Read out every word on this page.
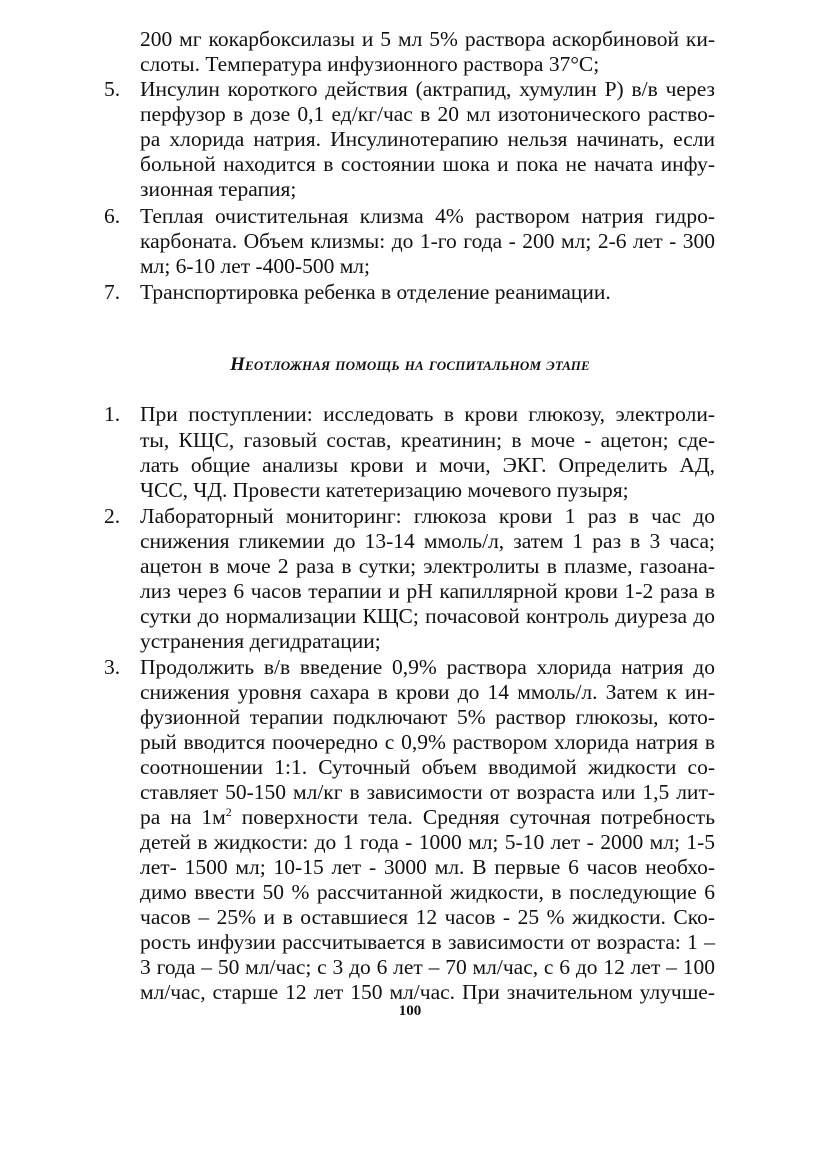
200 мг кокарбоксилазы и 5 мл 5% раствора аскорбиновой ки-
слоты. Температура инфузионного раствора 37°С;
5. Инсулин короткого действия (актрапид, хумулин Р) в/в через
перфузор в дозе 0,1 ед/кг/час в 20 мл изотонического раство-
ра хлорида натрия. Инсулинотерапию нельзя начинать, если
больной находится в состоянии шока и пока не начата инфу-
зионная терапия;
6. Теплая очистительная клизма 4% раствором натрия гидро-
карбоната. Объем клизмы: до 1-го года - 200 мл; 2-6 лет - 300
мл; 6-10 лет -400-500 мл;
7. Транспортировка ребенка в отделение реанимации.
Неотложная помощь на госпитальном этапе
1. При поступлении: исследовать в крови глюкозу, электроли-
ты, КЩС, газовый состав, креатинин; в моче - ацетон; сде-
лать общие анализы крови и мочи, ЭКГ. Определить АД,
ЧСС, ЧД. Провести катетеризацию мочевого пузыря;
2. Лабораторный мониторинг: глюкоза крови 1 раз в час до
снижения гликемии до 13-14 ммоль/л, затем 1 раз в 3 часа;
ацетон в моче 2 раза в сутки; электролиты в плазме, газоана-
лиз через 6 часов терапии и pH капиллярной крови 1-2 раза в
сутки до нормализации КЩС; почасовой контроль диуреза до
устранения дегидратации;
3. Продолжить в/в введение 0,9% раствора хлорида натрия до
снижения уровня сахара в крови до 14 ммоль/л. Затем к ин-
фузионной терапии подключают 5% раствор глюкозы, кото-
рый вводится поочередно с 0,9% раствором хлорида натрия в
соотношении 1:1. Суточный объем вводимой жидкости со-
ставляет 50-150 мл/кг в зависимости от возраста или 1,5 лит-
ра на $1м^2$ поверхности тела. Средняя суточная потребность
детей в жидкости: до 1 года - 1000 мл; 5-10 лет - 2000 мл; 1-5
лет- 1500 мл; 10-15 лет - 3000 мл. В первые 6 часов необхо-
димо ввести 50 % рассчитанной жидкости, в последующие 6
часов – 25% и в оставшиеся 12 часов - 25 % жидкости. Ско-
рость инфузии рассчитывается в зависимости от возраста: 1 –
3 года – 50 мл/час; с 3 до 6 лет – 70 мл/час, с 6 до 12 лет – 100
мл/час, старше 12 лет 150 мл/час. При значительном улучше-
100
